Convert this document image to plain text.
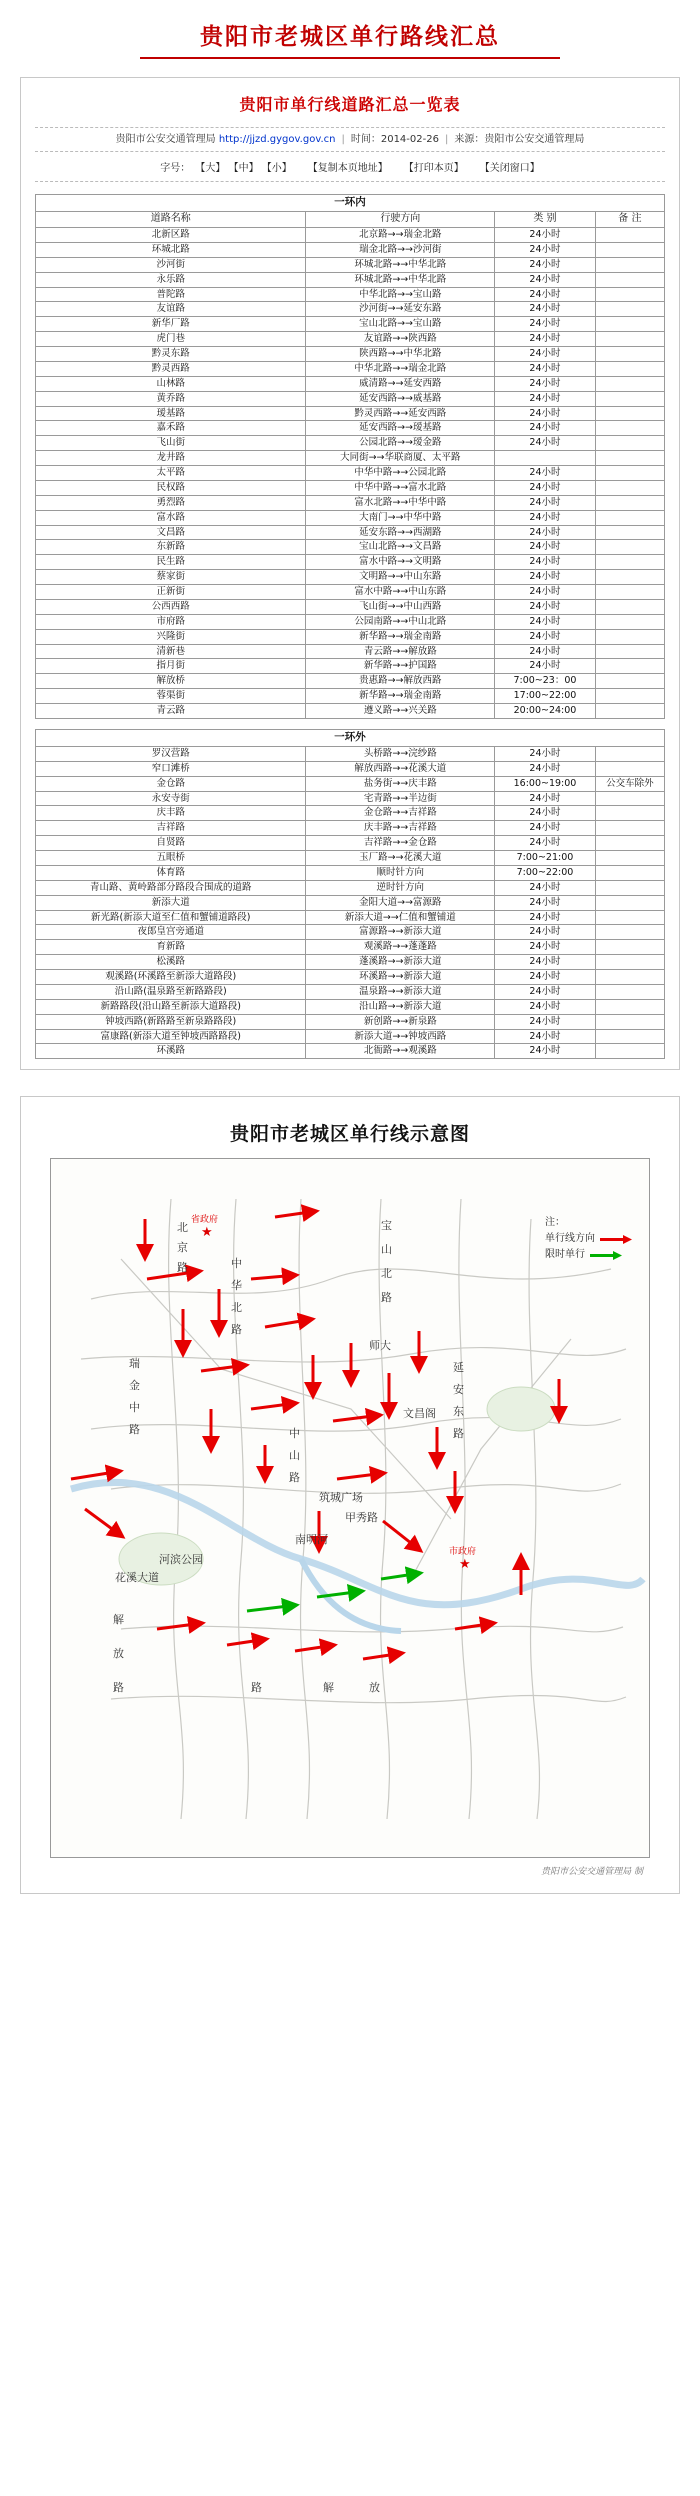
贵阳市老城区单行路线汇总
贵阳市单行线道路汇总一览表
贵阳市公安交通管理局 http://jjzd.gygov.gov.cn | 时间：2014-02-26 | 来源：贵阳市公安交通管理局
字号： 【大】 【中】 【小】 【复制本页地址】 【打印本页】 【关闭窗口】
一环内			
道路名称	行驶方向	类 别	备 注
北新区路	北京路→→瑞金北路	24小时	
环城北路	瑞金北路→→沙河街	24小时	
沙河街	环城北路→→中华北路	24小时	
永乐路	环城北路→→中华北路	24小时	
普陀路	中华北路→→宝山路	24小时	
友谊路	沙河街→→延安东路	24小时	
新华厂路	宝山北路→→宝山路	24小时	
虎门巷	友谊路→→陕西路	24小时	
黔灵东路	陕西路→→中华北路	24小时	
黔灵西路	中华北路→→瑞金北路	24小时	
山林路	威清路→→延安西路	24小时	
黄乔路	延安西路→→威基路	24小时	
瑷基路	黔灵西路→→延安西路	24小时	
嘉禾路	延安西路→→瑷基路	24小时	
飞山街	公园北路→→瑷金路	24小时	
龙井路	大同街→→华联商厦、太平路		
太平路	中华中路→→公园北路	24小时	
民权路	中华中路→→富水北路	24小时	
勇烈路	富水北路→→中华中路	24小时	
富水路	大南门→→中华中路	24小时	
文昌路	延安东路→→西湖路	24小时	
东新路	宝山北路→→文昌路	24小时	
民生路	富水中路→→文明路	24小时	
蔡家街	文明路→→中山东路	24小时	
正新街	富水中路→→中山东路	24小时	
公西西路	飞山街→→中山西路	24小时	
市府路	公园南路→→中山北路	24小时	
兴隆街	新华路→→瑞金南路	24小时	
清新巷	青云路→→解放路	24小时	
指月街	新华路→→护国路	24小时	
解放桥	贵惠路→→解放西路	7:00~23：00	
蓉渠街	新华路→→瑞金南路	17:00~22:00	
青云路	遵义路→→兴关路	20:00~24:00	
一环外			
罗汉营路	头桥路→→浣纱路	24小时	
窄口滩桥	解放西路→→花溪大道	24小时	
金仓路	盐务街→→庆丰路	16:00~19:00	公交车除外
永安寺街	宅青路→→半边街	24小时	
庆丰路	金仓路→→吉祥路	24小时	
吉祥路	庆丰路→→吉祥路	24小时	
自贤路	吉祥路→→金仓路	24小时	
五眼桥	玉厂路→→花溪大道	7:00~21:00	
体育路	顺时针方向	7:00~22:00	
青山路、黄岭路部分路段合围成的道路	逆时针方向	24小时	
新添大道	金阳大道→→富源路	24小时	
新光路(新添大道至仁值和蟹铺道路段)	新添大道→→仁值和蟹铺道	24小时	
夜郎皇宫旁通道	富源路→→新添大道	24小时	
育新路	观溪路→→蓬蓬路	24小时	
松溪路	蓬溪路→→新添大道	24小时	
观溪路(环溪路至新添大道路段)	环溪路→→新添大道	24小时	
沿山路(温泉路至新路路段)	温泉路→→新添大道	24小时	
新路路段(沿山路至新添大道路段)	沿山路→→新添大道	24小时	
钟坡西路(新路路至新泉路路段)	新创路→→新泉路	24小时	
富康路(新添大道至钟坡西路路段)	新添大道→→钟坡西路	24小时	
环溪路	北衙路→→观溪路	24小时	
贵阳市老城区单行线示意图
注：
单行线方向
限时单行
北
京
路
宝
山
北
路
中
华
北
路
师大
延
安
东
路
瑞
金
中
路	中
山
路
甲秀路
河滨公园
南明河
解
放
路	解	放
路
花溪大道
文昌阁
筑城广场
★
省政府
★
市政府
贵阳市公安交通管理局 制
